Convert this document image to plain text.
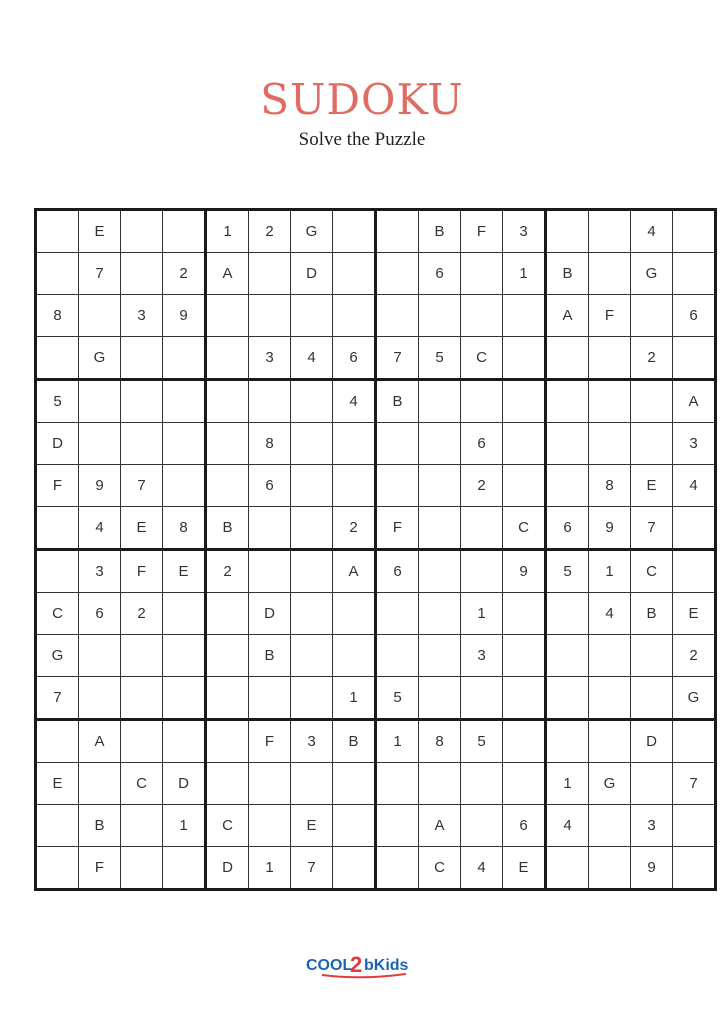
SUDOKU
Solve the Puzzle
	E			1	2	G			B	F	3			4	
	7		2	A		D			6		1	B		G	
8		3	9									A	F		6
	G				3	4	6	7	5	C				2	
5							4	B							A
D					8					6					3
F	9	7			6					2			8	E	4
	4	E	8	B			2	F			C	6	9	7	
	3	F	E	2			A	6			9	5	1	C	
C	6	2			D					1			4	B	E
G					B					3					2
7							1	5							G
	A				F	3	B	1	8	5				D	
E		C	D									1	G		7
	B		1	C		E			A		6	4		3	
	F			D	1	7			C	4	E			9	
COOL
2 bKids
